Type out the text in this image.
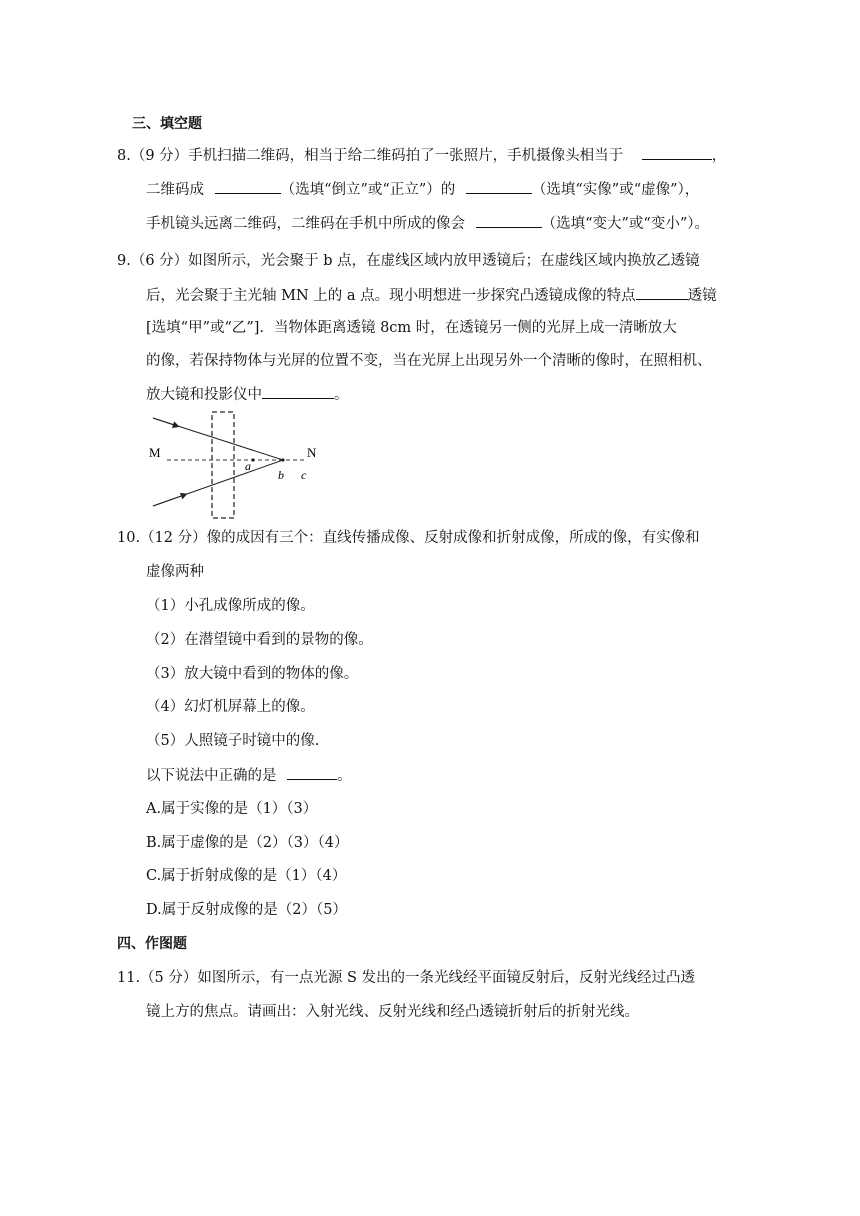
三、填空题
8.（9 分）手机扫描二维码，相当于给二维码拍了一张照片，手机摄像头相当于	，
二维码成	（选填“倒立”或“正立”）的	（选填“实像”或“虚像”），
手机镜头远离二维码，二维码在手机中所成的像会	（选填“变大”或“变小”）。
9.（6 分）如图所示，光会聚于 b 点，在虚线区域内放甲透镜后；在虚线区域内换放乙透镜
后，光会聚于主光轴 MN 上的 a 点。现小明想进一步探究凸透镜成像的特点	透镜
[选填“甲”或“乙”]．当物体距离透镜 8cm 时，在透镜另一侧的光屏上成一清晰放大
的像，若保持物体与光屏的位置不变，当在光屏上出现另外一个清晰的像时，在照相机、
放大镜和投影仪中	。
M	N
a
b c
10.（12 分）像的成因有三个：直线传播成像、反射成像和折射成像，所成的像，有实像和
虚像两种
（1）小孔成像所成的像。
（2）在潜望镜中看到的景物的像。
（3）放大镜中看到的物体的像。
（4）幻灯机屏幕上的像。
（5）人照镜子时镜中的像.
以下说法中正确的是	。
A.属于实像的是（1）（3）
B.属于虚像的是（2）（3）（4）
C.属于折射成像的是（1）（4）
D.属于反射成像的是（2）（5）
四、作图题
11.（5 分）如图所示，有一点光源 S 发出的一条光线经平面镜反射后，反射光线经过凸透
镜上方的焦点。请画出：入射光线、反射光线和经凸透镜折射后的折射光线。
